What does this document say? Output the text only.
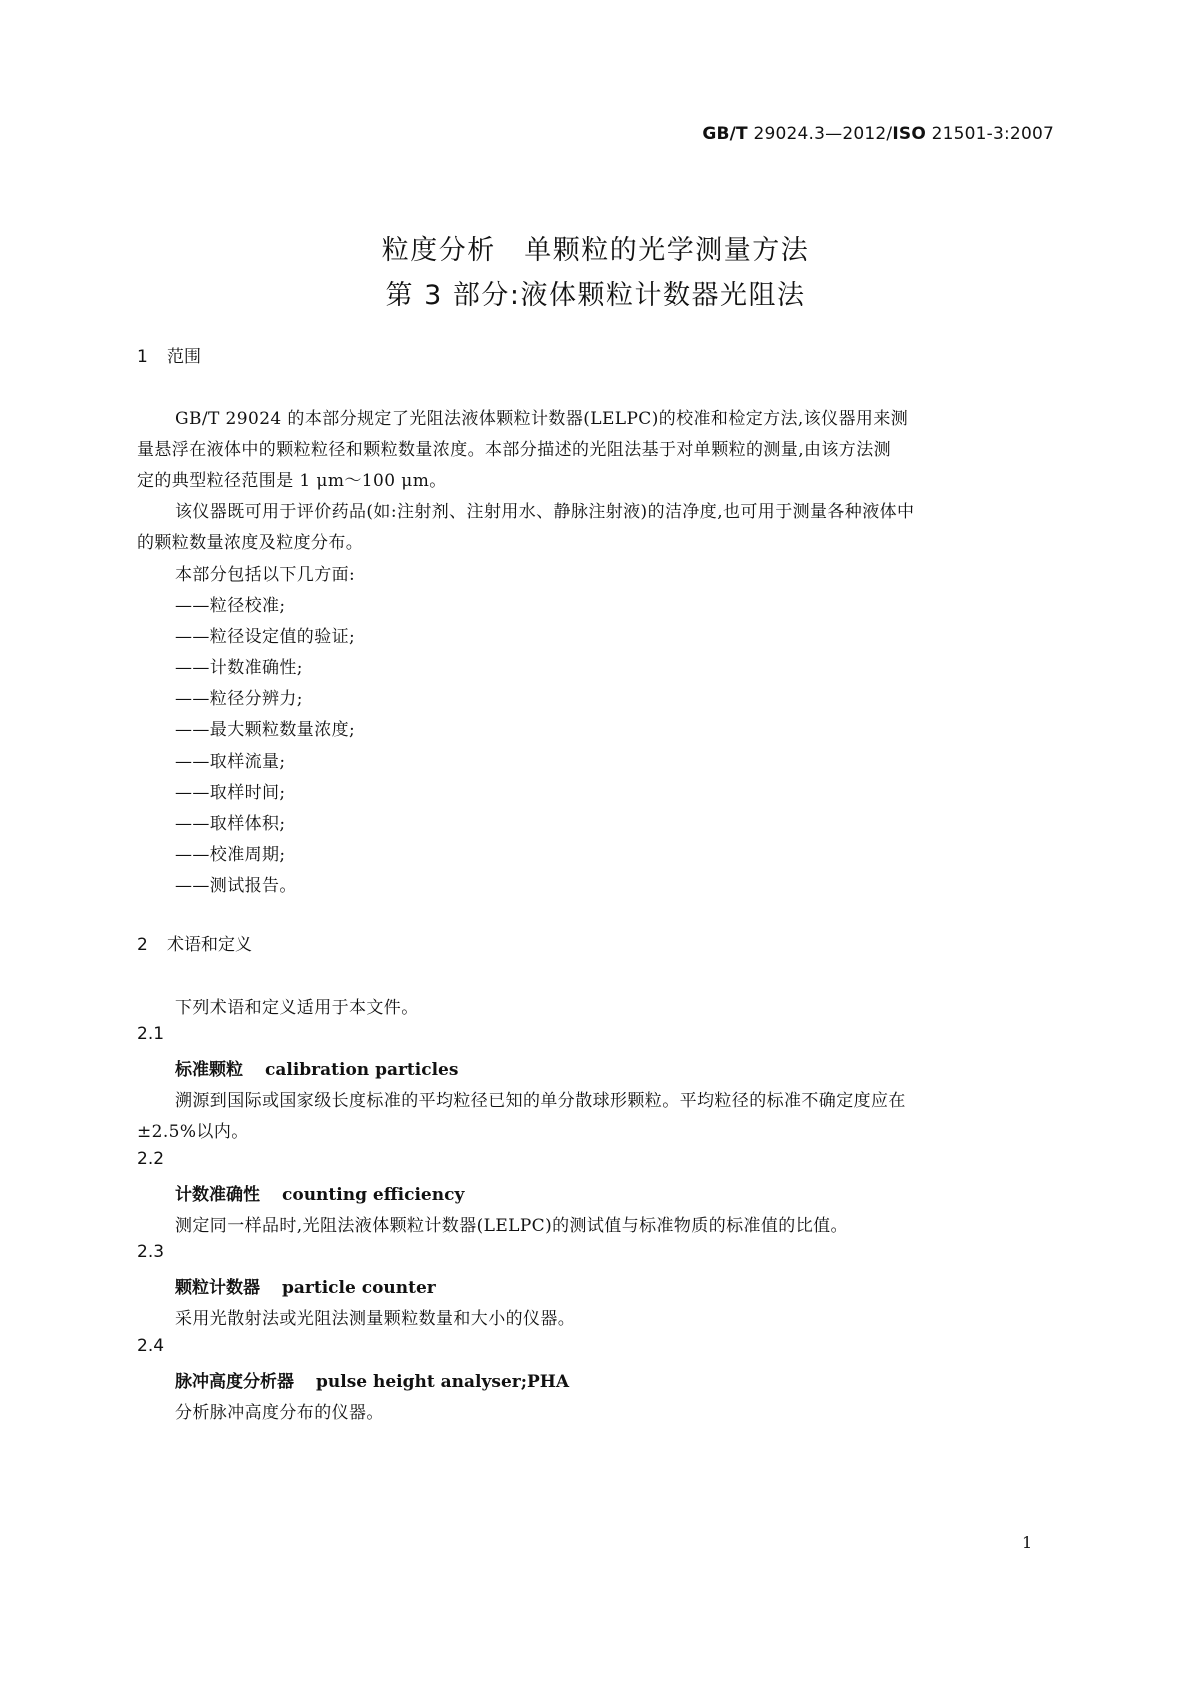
GB/T 29024.3—2012/ISO 21501-3:2007
粒度分析　单颗粒的光学测量方法
第 3 部分:液体颗粒计数器光阻法
1 范围
GB/T 29024 的本部分规定了光阻法液体颗粒计数器(LELPC)的校准和检定方法,该仪器用来测
量悬浮在液体中的颗粒粒径和颗粒数量浓度。本部分描述的光阻法基于对单颗粒的测量,由该方法测
定的典型粒径范围是 1 μm～100 μm。
该仪器既可用于评价药品(如:注射剂、注射用水、静脉注射液)的洁净度,也可用于测量各种液体中
的颗粒数量浓度及粒度分布。
本部分包括以下几方面:
——粒径校准;
——粒径设定值的验证;
——计数准确性;
——粒径分辨力;
——最大颗粒数量浓度;
——取样流量;
——取样时间;
——取样体积;
——校准周期;
——测试报告。
2 术语和定义
下列术语和定义适用于本文件。
2.1
标准颗粒 calibration particles
溯源到国际或国家级长度标准的平均粒径已知的单分散球形颗粒。平均粒径的标准不确定度应在
±2.5%以内。
2.2
计数准确性 counting efficiency
测定同一样品时,光阻法液体颗粒计数器(LELPC)的测试值与标准物质的标准值的比值。
2.3
颗粒计数器 particle counter
采用光散射法或光阻法测量颗粒数量和大小的仪器。
2.4
脉冲高度分析器 pulse height analyser;PHA
分析脉冲高度分布的仪器。
1
